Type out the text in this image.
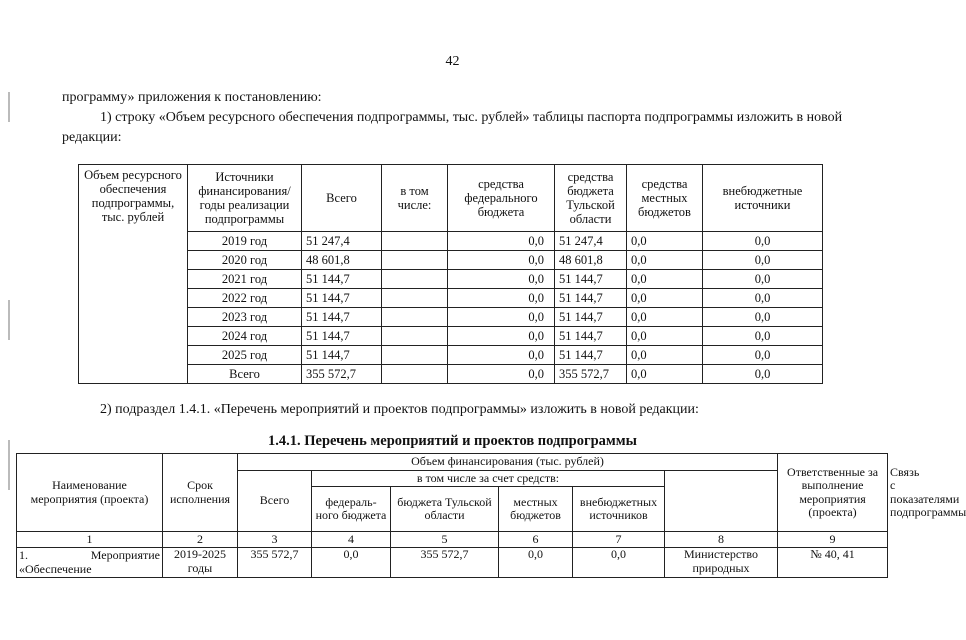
42

программу» приложения к постановлению:

1) строку «Объем ресурсного обеспечения подпрограммы, тыс. рублей» таблицы паспорта подпрограммы изложить в новой редакции:

Объем ресурсного обеспечения подпрограммы, тыс. рублей	Источники финансирования/ годы реализации подпрограммы	Всего	в том числе:	средства федерального бюджета	средства бюджета Тульской области	средства местных бюджетов	внебюджетные источники
	2019 год	51 247,4		0,0	51 247,4	0,0	0,0
	2020 год	48 601,8		0,0	48 601,8	0,0	0,0
	2021 год	51 144,7		0,0	51 144,7	0,0	0,0
	2022 год	51 144,7		0,0	51 144,7	0,0	0,0
	2023 год	51 144,7		0,0	51 144,7	0,0	0,0
	2024 год	51 144,7		0,0	51 144,7	0,0	0,0
	2025 год	51 144,7		0,0	51 144,7	0,0	0,0
	Всего	355 572,7		0,0	355 572,7	0,0	0,0

2) подраздел 1.4.1. «Перечень мероприятий и проектов подпрограммы» изложить в новой редакции:

1.4.1. Перечень мероприятий и проектов подпрограммы
Наименование мероприятия (проекта)	Срок исполнения	Объем финансирования (тыс. рублей)						Ответственные за выполнение мероприятия (проекта)	Связь с показателями подпрограммы
		Всего	в том числе за счет средств:						
			федераль-ного бюджета	бюджета Тульской области	местных бюджетов	внебюджетных источников			
1	2	3	4	5	6	7	8	9	

1. Мероприятие
«Обеспечение	2019-2025 годы	355 572,7	0,0	355 572,7	0,0	0,0	Министерство природных	№ 40, 41	
